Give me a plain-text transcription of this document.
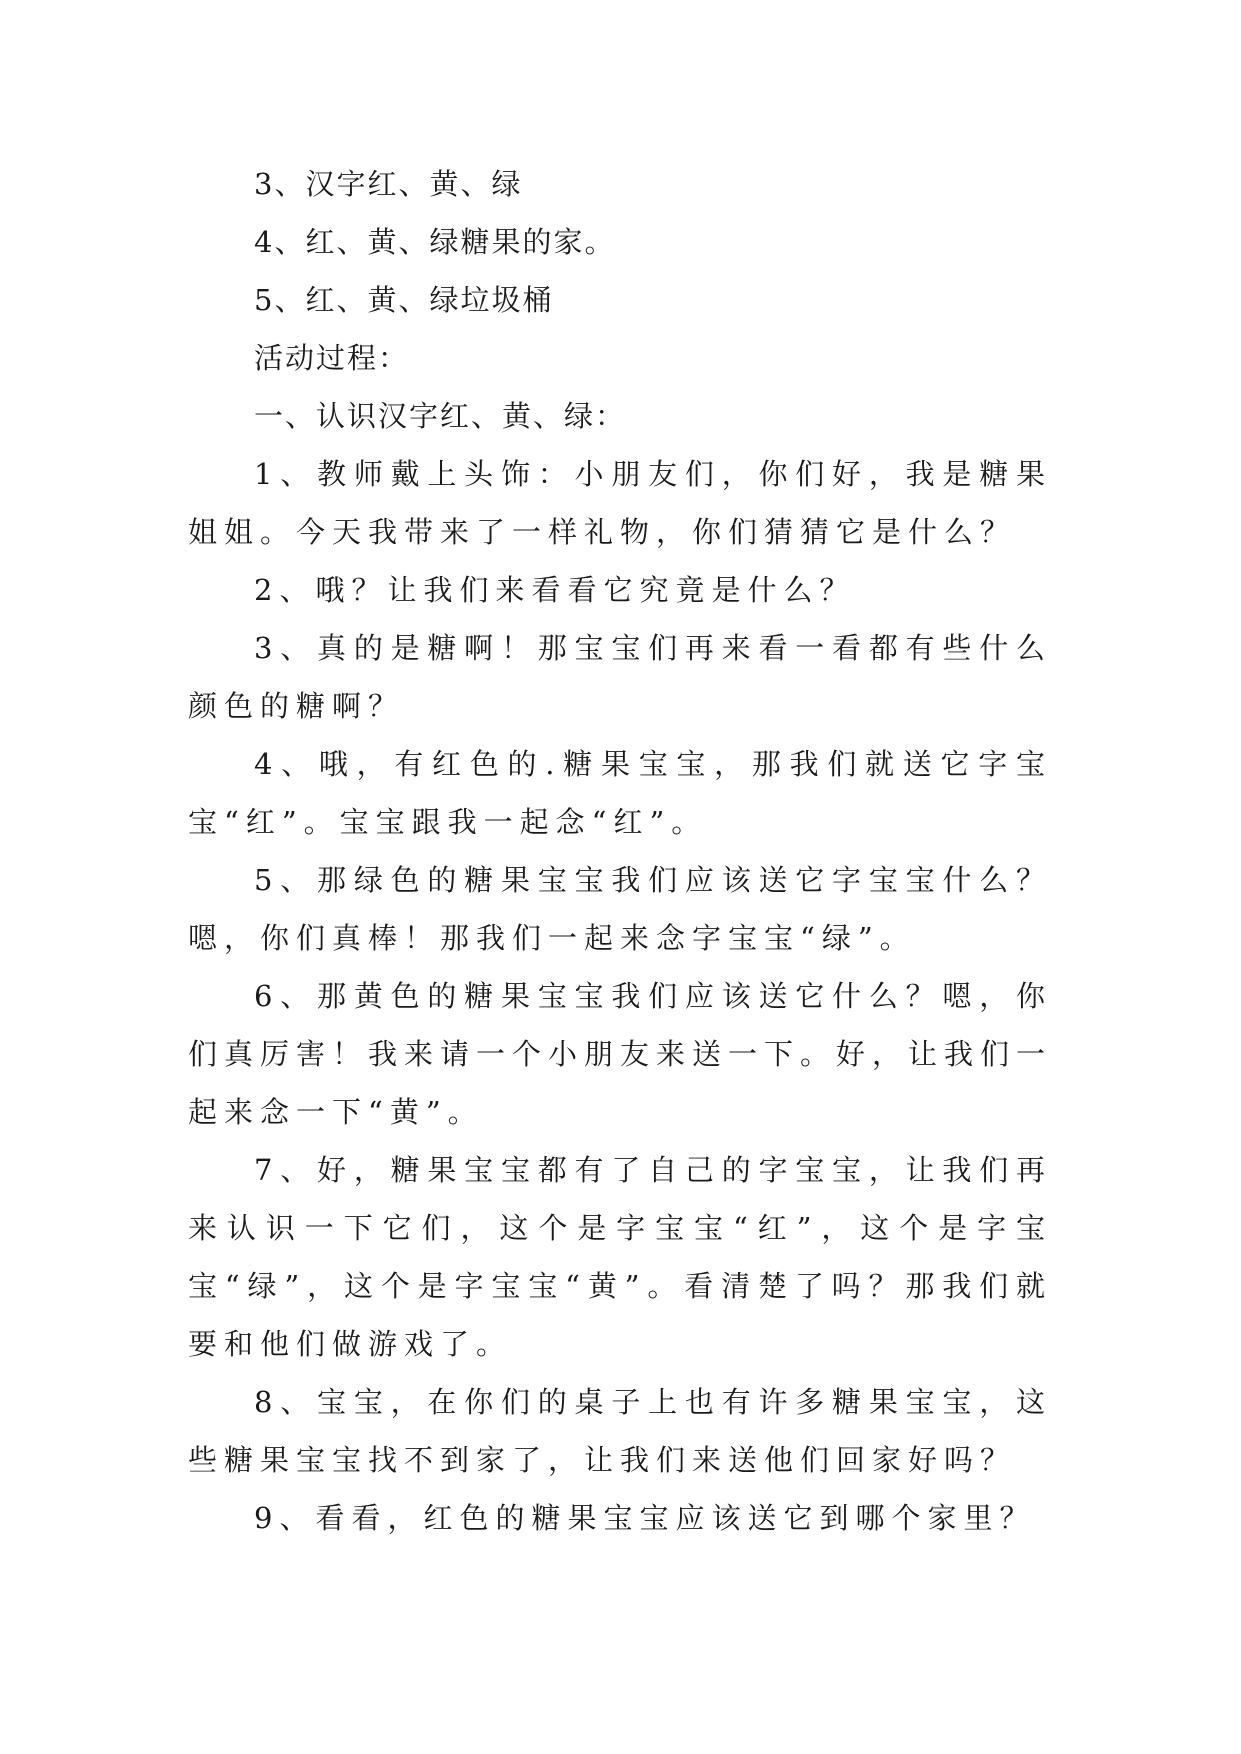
3、汉字红、黄、绿

4、红、黄、绿糖果的家。

5、红、黄、绿垃圾桶

活动过程：

一、认识汉字红、黄、绿：

1、教师戴上头饰：小朋友们，你们好，我是糖果姐姐。今天我带来了一样礼物，你们猜猜它是什么？

2、哦？让我们来看看它究竟是什么？

3、真的是糖啊！那宝宝们再来看一看都有些什么颜色的糖啊？

4、哦，有红色的.糖果宝宝，那我们就送它字宝宝“红”。宝宝跟我一起念“红”。

5、那绿色的糖果宝宝我们应该送它字宝宝什么？嗯，你们真棒！那我们一起来念字宝宝“绿”。

6、那黄色的糖果宝宝我们应该送它什么？嗯，你们真厉害！我来请一个小朋友来送一下。好，让我们一起来念一下“黄”。

7、好，糖果宝宝都有了自己的字宝宝，让我们再来认识一下它们，这个是字宝宝“红”，这个是字宝宝“绿”，这个是字宝宝“黄”。看清楚了吗？那我们就要和他们做游戏了。

8、宝宝，在你们的桌子上也有许多糖果宝宝，这些糖果宝宝找不到家了，让我们来送他们回家好吗？

9、看看，红色的糖果宝宝应该送它到哪个家里？
